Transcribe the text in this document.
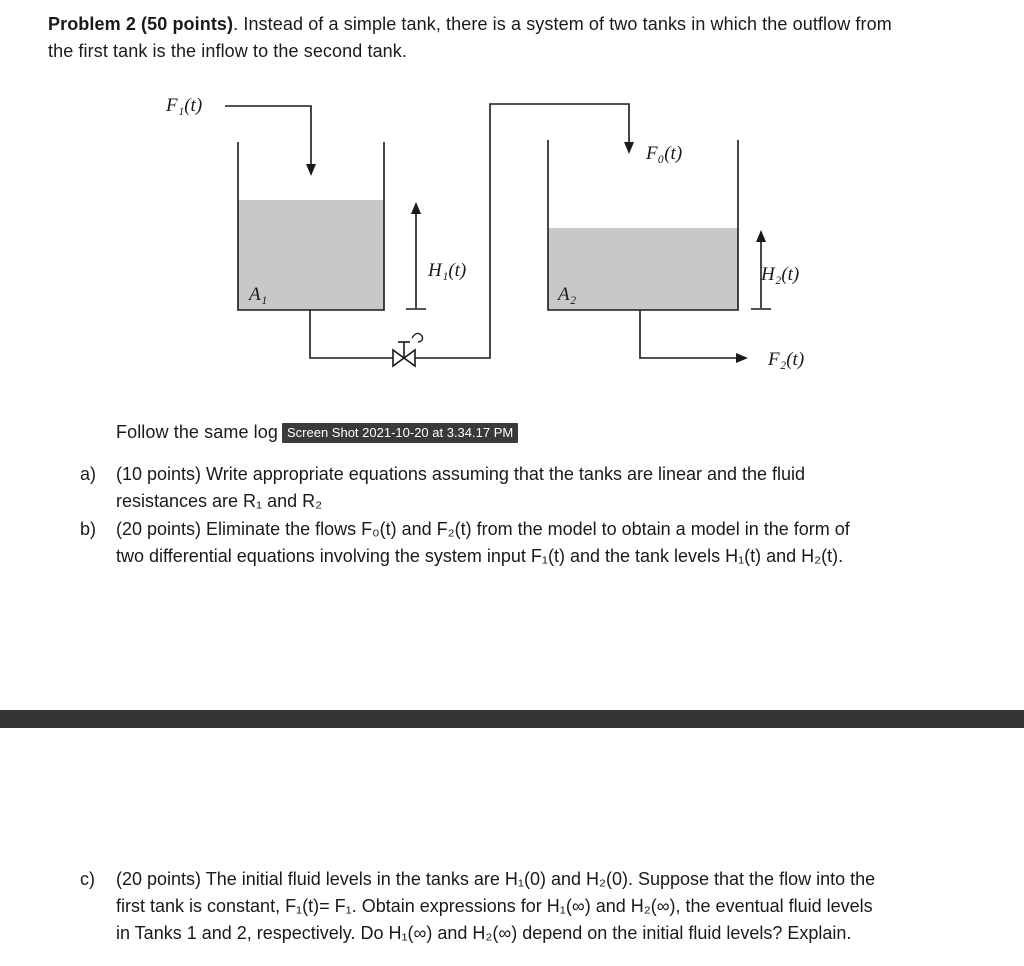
Problem 2 (50 points). Instead of a simple tank, there is a system of two tanks in which the outflow from
the first tank is the inflow to the second tank.
F₁(t)
F₀(t)
H₁(t)	H₂(t)
A₁	A₂
F₂(t)
Follow the same log Screen Shot 2021-10-20 at 3.34.17 PM
a) (10 points) Write appropriate equations assuming that the tanks are linear and the fluid
resistances are R₁ and R₂
b) (20 points) Eliminate the flows F₀(t) and F₂(t) from the model to obtain a model in the form of
two differential equations involving the system input F₁(t) and the tank levels H₁(t) and H₂(t).
c) (20 points) The initial fluid levels in the tanks are H₁(0) and H₂(0). Suppose that the flow into the
first tank is constant, F₁(t)= F₁. Obtain expressions for H₁(∞) and H₂(∞), the eventual fluid levels
in Tanks 1 and 2, respectively. Do H₁(∞) and H₂(∞) depend on the initial fluid levels? Explain.
